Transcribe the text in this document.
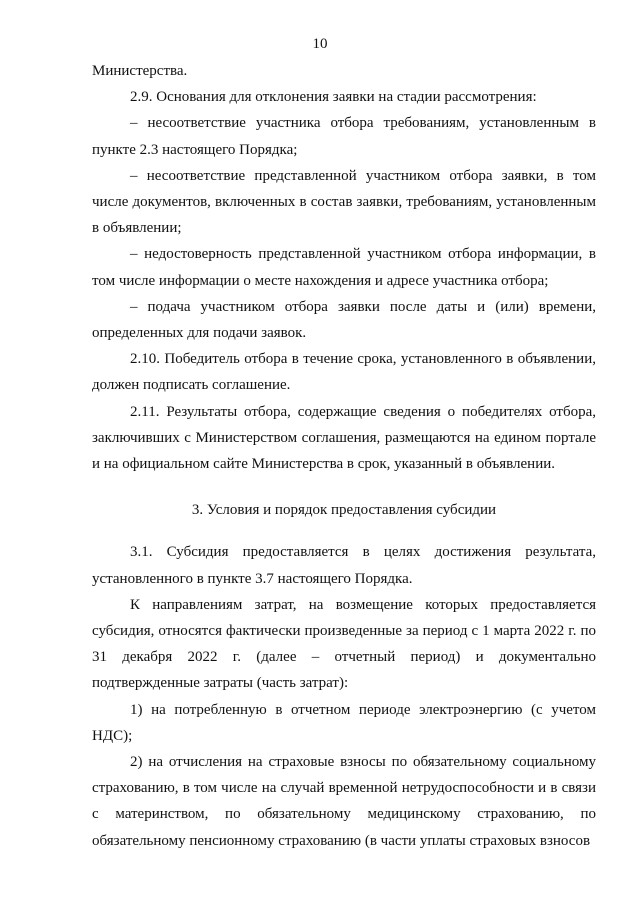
10

Министерства.

2.9. Основания для отклонения заявки на стадии рассмотрения:

– несоответствие участника отбора требованиям, установленным в пункте 2.3 настоящего Порядка;

– несоответствие представленной участником отбора заявки, в том числе документов, включенных в состав заявки, требованиям, установленным в объявлении;

– недостоверность представленной участником отбора информации, в том числе информации о месте нахождения и адресе участника отбора;

– подача участником отбора заявки после даты и (или) времени, определенных для подачи заявок.

2.10. Победитель отбора в течение срока, установленного в объявлении, должен подписать соглашение.

2.11. Результаты отбора, содержащие сведения о победителях отбора, заключивших с Министерством соглашения, размещаются на едином портале и на официальном сайте Министерства в срок, указанный в объявлении.

3. Условия и порядок предоставления субсидии

3.1. Субсидия предоставляется в целях достижения результата, установленного в пункте 3.7 настоящего Порядка.

К направлениям затрат, на возмещение которых предоставляется субсидия, относятся фактически произведенные за период с 1 марта 2022 г. по 31 декабря 2022 г. (далее – отчетный период) и документально подтвержденные затраты (часть затрат):

1) на потребленную в отчетном периоде электроэнергию (с учетом НДС);

2) на отчисления на страховые взносы по обязательному социальному страхованию, в том числе на случай временной нетрудоспособности и в связи с материнством, по обязательному медицинскому страхованию, по обязательному пенсионному страхованию (в части уплаты страховых взносов
